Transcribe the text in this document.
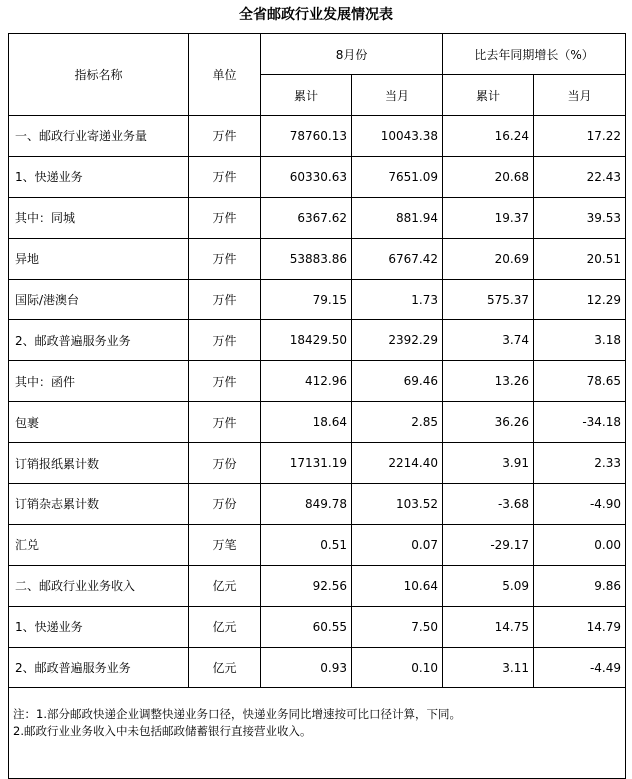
全省邮政行业发展情况表
指标名称	单位	8月份		比去年同期增长（%）	
		累计	当月	累计	当月
一、邮政行业寄递业务量	万件	78760.13	10043.38	16.24	17.22
1、快递业务	万件	60330.63	7651.09	20.68	22.43
其中：同城	万件	6367.62	881.94	19.37	39.53
异地	万件	53883.86	6767.42	20.69	20.51
国际/港澳台	万件	79.15	1.73	575.37	12.29
2、邮政普遍服务业务	万件	18429.50	2392.29	3.74	3.18
其中：函件	万件	412.96	69.46	13.26	78.65
包裹	万件	18.64	2.85	36.26	-34.18
订销报纸累计数	万份	17131.19	2214.40	3.91	2.33
订销杂志累计数	万份	849.78	103.52	-3.68	-4.90
汇兑	万笔	0.51	0.07	-29.17	0.00
二、邮政行业业务收入	亿元	92.56	10.64	5.09	9.86
1、快递业务	亿元	60.55	7.50	14.75	14.79
2、邮政普遍服务业务	亿元	0.93	0.10	3.11	-4.49

注：1.部分邮政快递企业调整快递业务口径，快递业务同比增速按可比口径计算，下同。
2.邮政行业业务收入中未包括邮政储蓄银行直接营业收入。					
